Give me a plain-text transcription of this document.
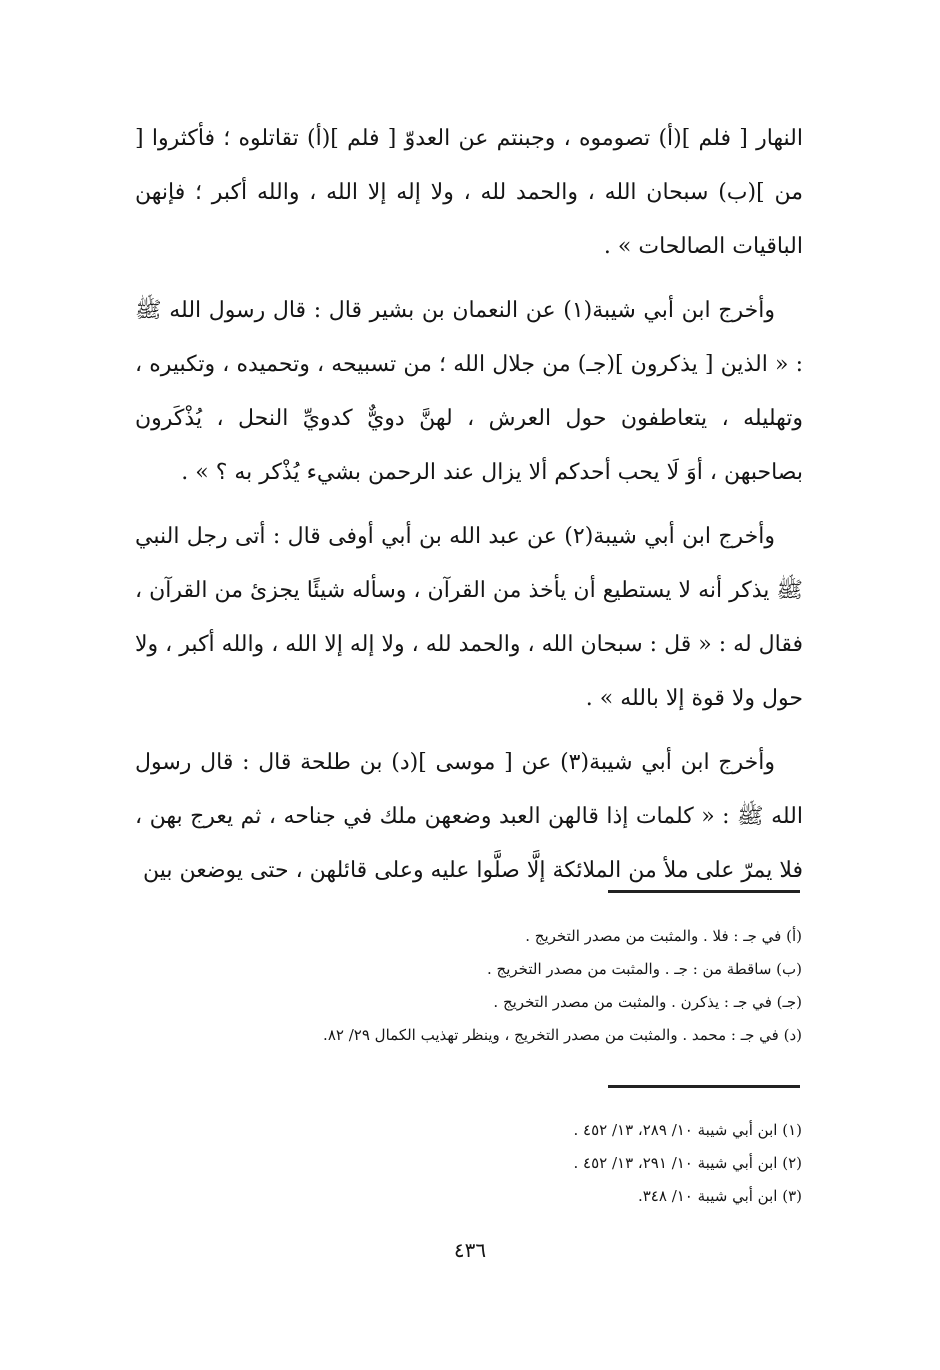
النهار [ فلم ](أ) تصوموه ، وجبنتم عن العدوّ [ فلم ](أ) تقاتلوه ؛ فأكثروا [ من ](ب) سبحان الله ، والحمد لله ، ولا إله إلا الله ، والله أكبر ؛ فإنهن الباقيات الصالحات » .

وأخرج ابن أبي شيبة(١) عن النعمان بن بشير قال : قال رسول الله ﷺ : « الذين [ يذكرون ](جـ) من جلال الله ؛ من تسبيحه ، وتحميده ، وتكبيره ، وتهليله ، يتعاطفون حول العرش ، لهنَّ دويٌّ كدويِّ النحل ، يُذْكَرون بصاحبهن ، أوَ لَا يحب أحدكم ألا يزال عند الرحمن بشيء يُذْكر به ؟ » .

وأخرج ابن أبي شيبة(٢) عن عبد الله بن أبي أوفى قال : أتى رجل النبي ﷺ يذكر أنه لا يستطيع أن يأخذ من القرآن ، وسأله شيئًا يجزئ من القرآن ، فقال له : « قل : سبحان الله ، والحمد لله ، ولا إله إلا الله ، والله أكبر ، ولا حول ولا قوة إلا بالله » .

وأخرج ابن أبي شيبة(٣) عن [ موسى ](د) بن طلحة قال : قال رسول الله ﷺ : « كلمات إذا قالهن العبد وضعهن ملك في جناحه ، ثم يعرج بهن ، فلا يمرّ على ملأ من الملائكة إلَّا صلَّوا عليه وعلى قائلهن ، حتى يوضعن بين

(أ) في جـ : فلا . والمثبت من مصدر التخريج .
(ب) ساقطة من : جـ . والمثبت من مصدر التخريج .
(جـ) في جـ : يذكرن . والمثبت من مصدر التخريج .
(د) في جـ : محمد . والمثبت من مصدر التخريج ، وينظر تهذيب الكمال ٢٩/ ٨٢.
(١) ابن أبي شيبة ١٠/ ٢٨٩، ١٣/ ٤٥٢ .
(٢) ابن أبي شيبة ١٠/ ٢٩١، ١٣/ ٤٥٢ .
(٣) ابن أبي شيبة ١٠/ ٣٤٨.
٤٣٦
